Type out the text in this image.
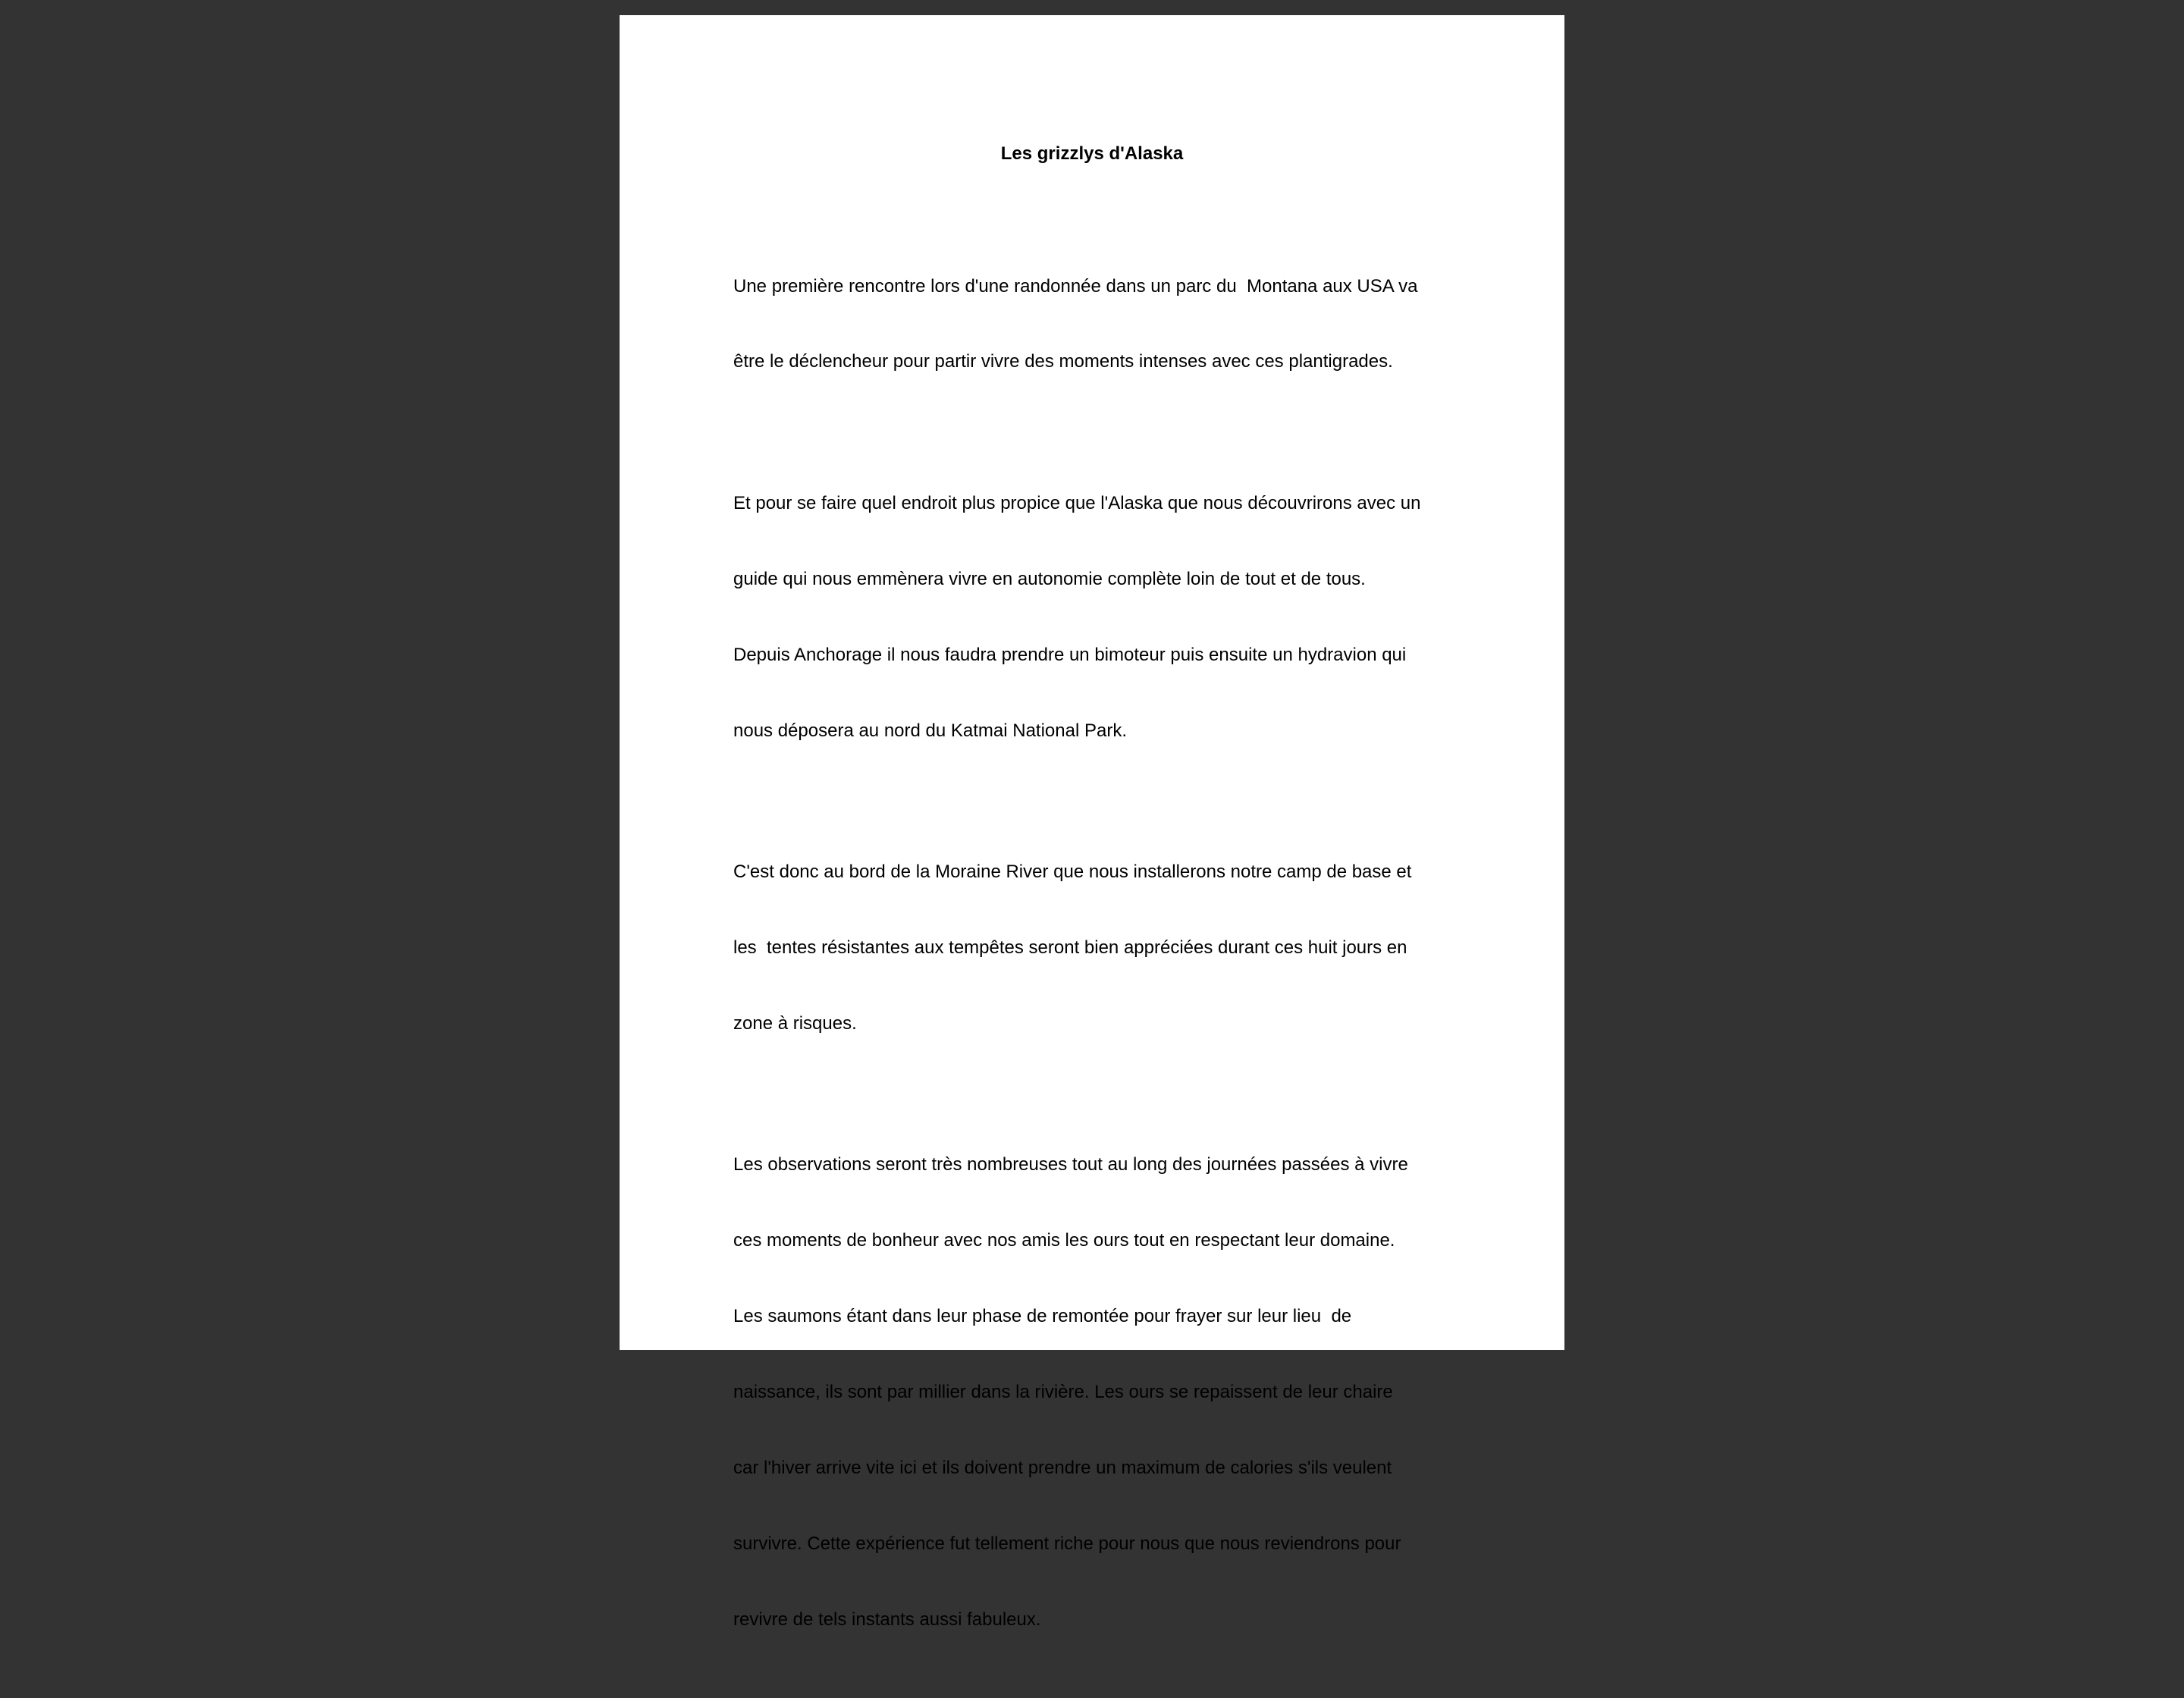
Les grizzlys d'Alaska

Une première rencontre lors d'une randonnée dans un parc du  Montana aux USA va

être le déclencheur pour partir vivre des moments intenses avec ces plantigrades.

Et pour se faire quel endroit plus propice que l'Alaska que nous découvrirons avec un

guide qui nous emmènera vivre en autonomie complète loin de tout et de tous.

Depuis Anchorage il nous faudra prendre un bimoteur puis ensuite un hydravion qui

nous déposera au nord du Katmai National Park.

C'est donc au bord de la Moraine River que nous installerons notre camp de base et

les  tentes résistantes aux tempêtes seront bien appréciées durant ces huit jours en

zone à risques.

Les observations seront très nombreuses tout au long des journées passées à vivre

ces moments de bonheur avec nos amis les ours tout en respectant leur domaine.

Les saumons étant dans leur phase de remontée pour frayer sur leur lieu  de

naissance, ils sont par millier dans la rivière. Les ours se repaissent de leur chaire

car l'hiver arrive vite ici et ils doivent prendre un maximum de calories s'ils veulent

survivre. Cette expérience fut tellement riche pour nous que nous reviendrons pour

revivre de tels instants aussi fabuleux.
